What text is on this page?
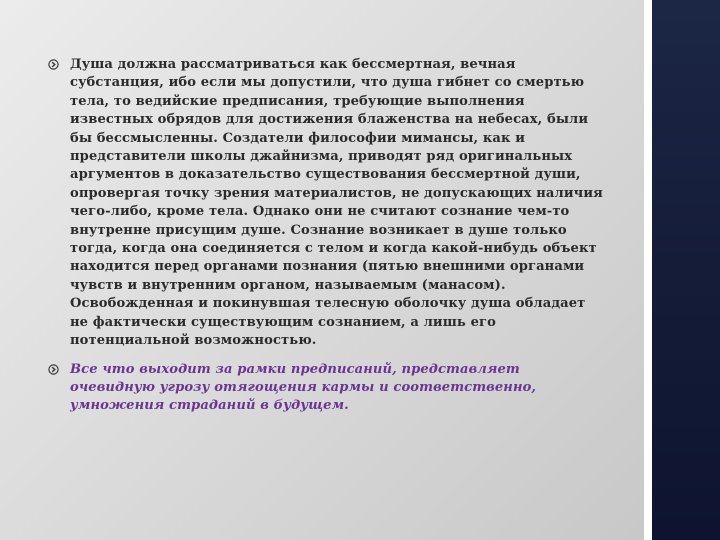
Душа должна рассматриваться как бессмертная, вечная субстанция, ибо если мы допустили, что душа гибнет со смертью тела, то ведийские предписания, требующие выполнения известных обрядов для достижения блаженства на небесах, были бы бессмысленны. Создатели философии мимансы, как и представители школы джайнизма, приводят ряд оригинальных аргументов в доказательство существования бессмертной души, опровергая точку зрения материалистов, не допускающих наличия чего-либо, кроме тела. Однако они не считают сознание чем-то внутренне присущим душе. Сознание возникает в душе только тогда, когда она соединяется с телом и когда какой-нибудь объект находится перед органами познания (пятью внешними органами чувств и внутренним органом, называемым (манасом). Освобожденная и покинувшая телесную оболочку душа обладает не фактически существующим сознанием, а лишь его потенциальной возможностью.
Все что выходит за рамки предписаний, представляет очевидную угрозу отягощения кармы и соответственно, умножения страданий в будущем.
